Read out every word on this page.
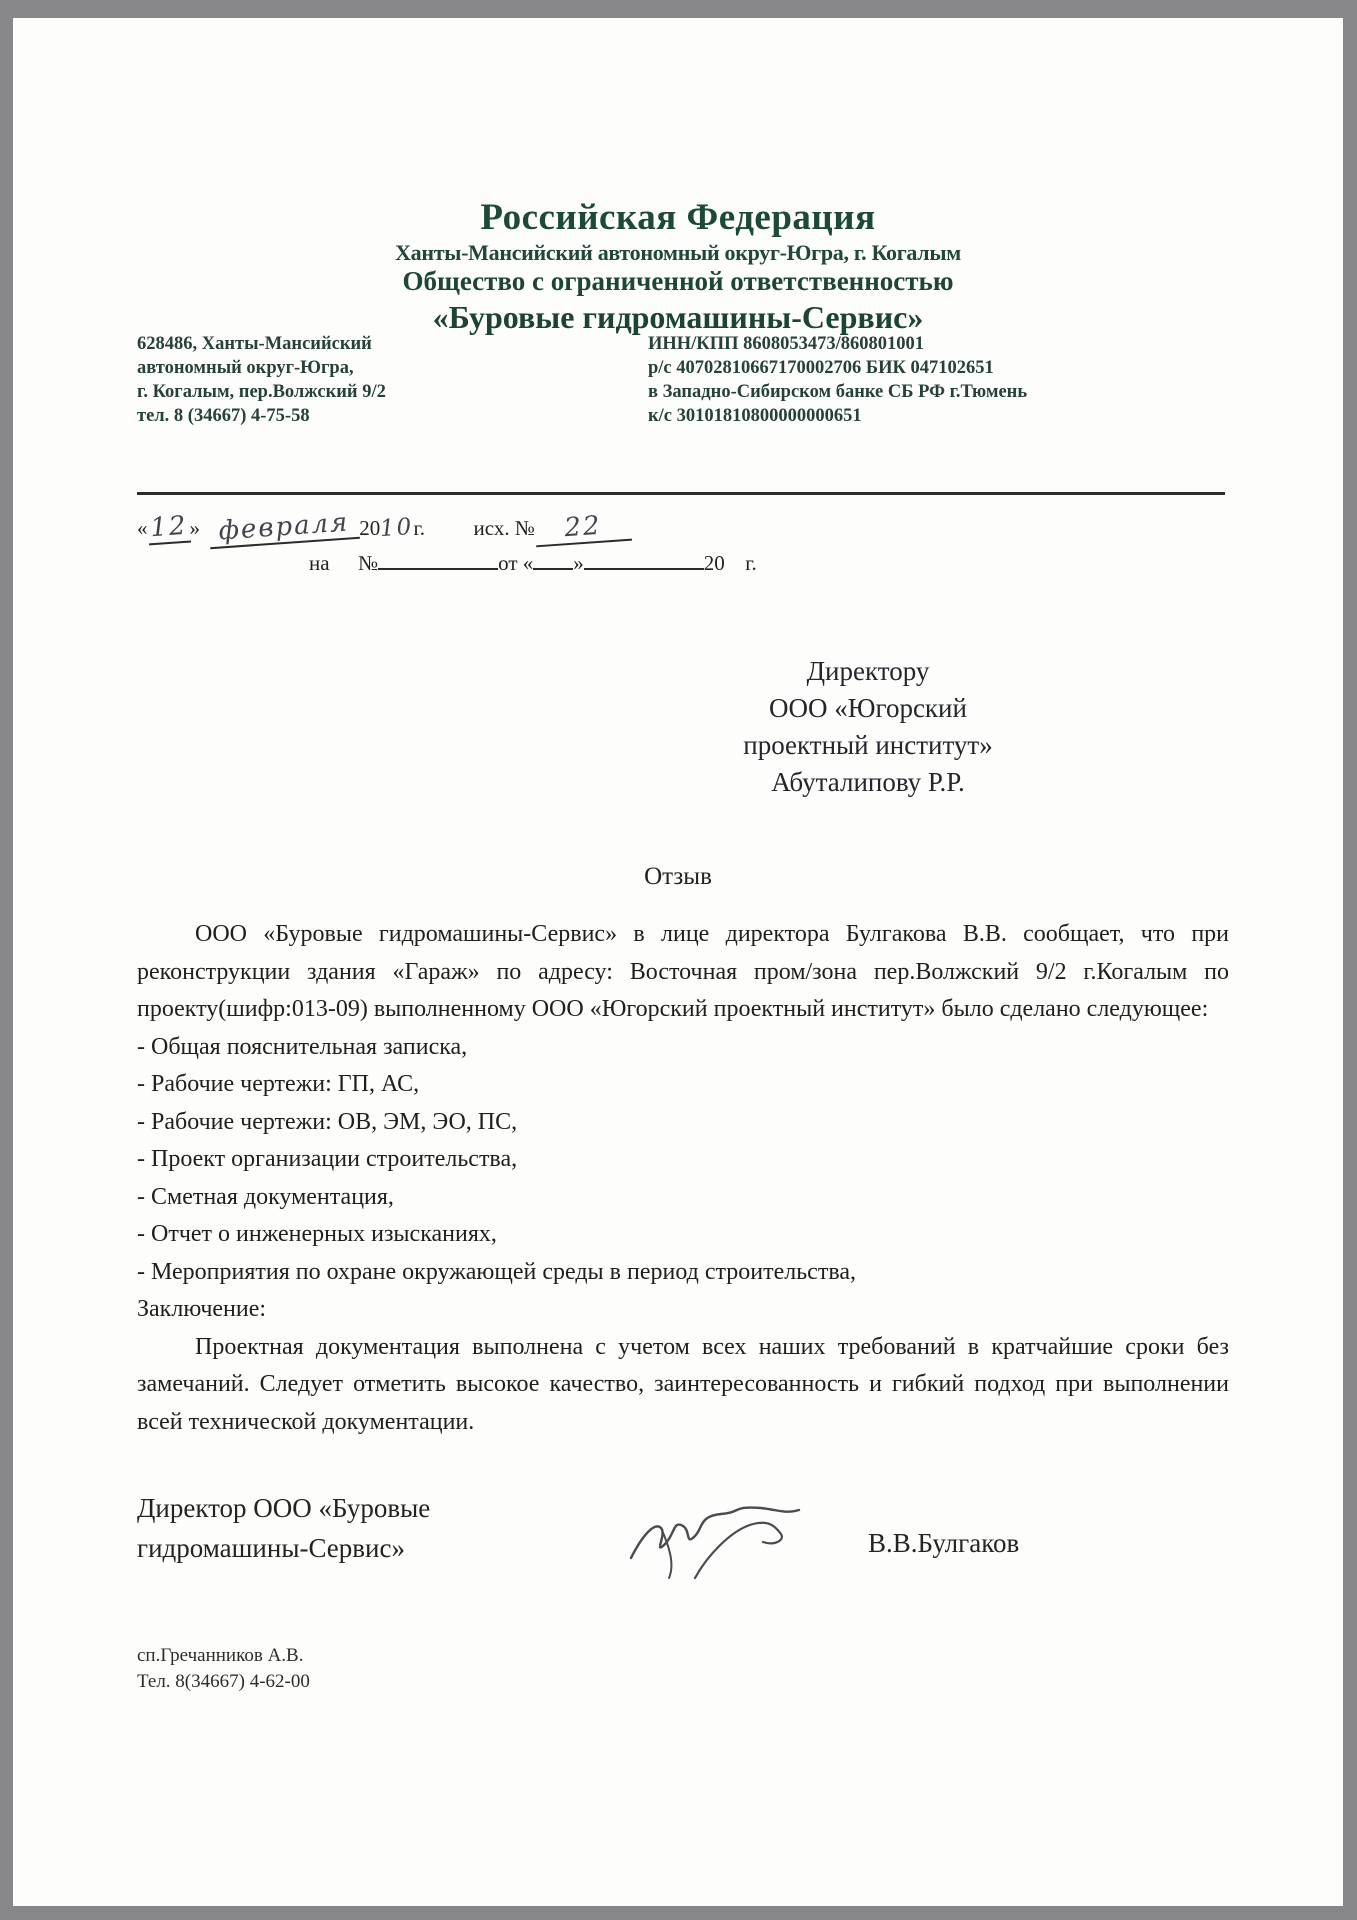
Российская Федерация
Ханты-Мансийский автономный округ-Югра, г. Когалым
Общество с ограниченной ответственностью
«Буровые гидромашины-Сервис»
628486, Ханты-Мансийский
автономный округ-Югра,
г. Когалым, пер.Волжский 9/2
тел. 8 (34667) 4-75-58
ИНН/КПП 8608053473/860801001
р/с 40702810667170002706 БИК 047102651
в Западно-Сибирском банке СБ РФ г.Тюмень
к/с 30101810800000000651
«12» февраля 2010г. исх. № 22
на №	от « »	20 г.
Директору
ООО «Югорский
проектный институт»
Абуталипову Р.Р.
Отзыв

ООО «Буровые гидромашины-Сервис» в лице директора Булгакова В.В. сообщает, что при реконструкции здания «Гараж» по адресу: Восточная пром/зона пер.Волжский 9/2 г.Когалым по проекту(шифр:013-09) выполненному ООО «Югорский проектный институт» было сделано следующее:

- Общая пояснительная записка,
- Рабочие чертежи: ГП, АС,
- Рабочие чертежи: ОВ, ЭМ, ЭО, ПС,
- Проект организации строительства,
- Сметная документация,
- Отчет о инженерных изысканиях,
- Мероприятия по охране окружающей среды в период строительства,
Заключение:

Проектная документация выполнена с учетом всех наших требований в кратчайшие сроки без замечаний. Следует отметить высокое качество, заинтересованность и гибкий подход при выполнении всей технической документации.

Директор ООО «Буровые
гидромашины-Сервис»	В.В.Булгаков
сп.Гречанников А.В.
Тел. 8(34667) 4-62-00
